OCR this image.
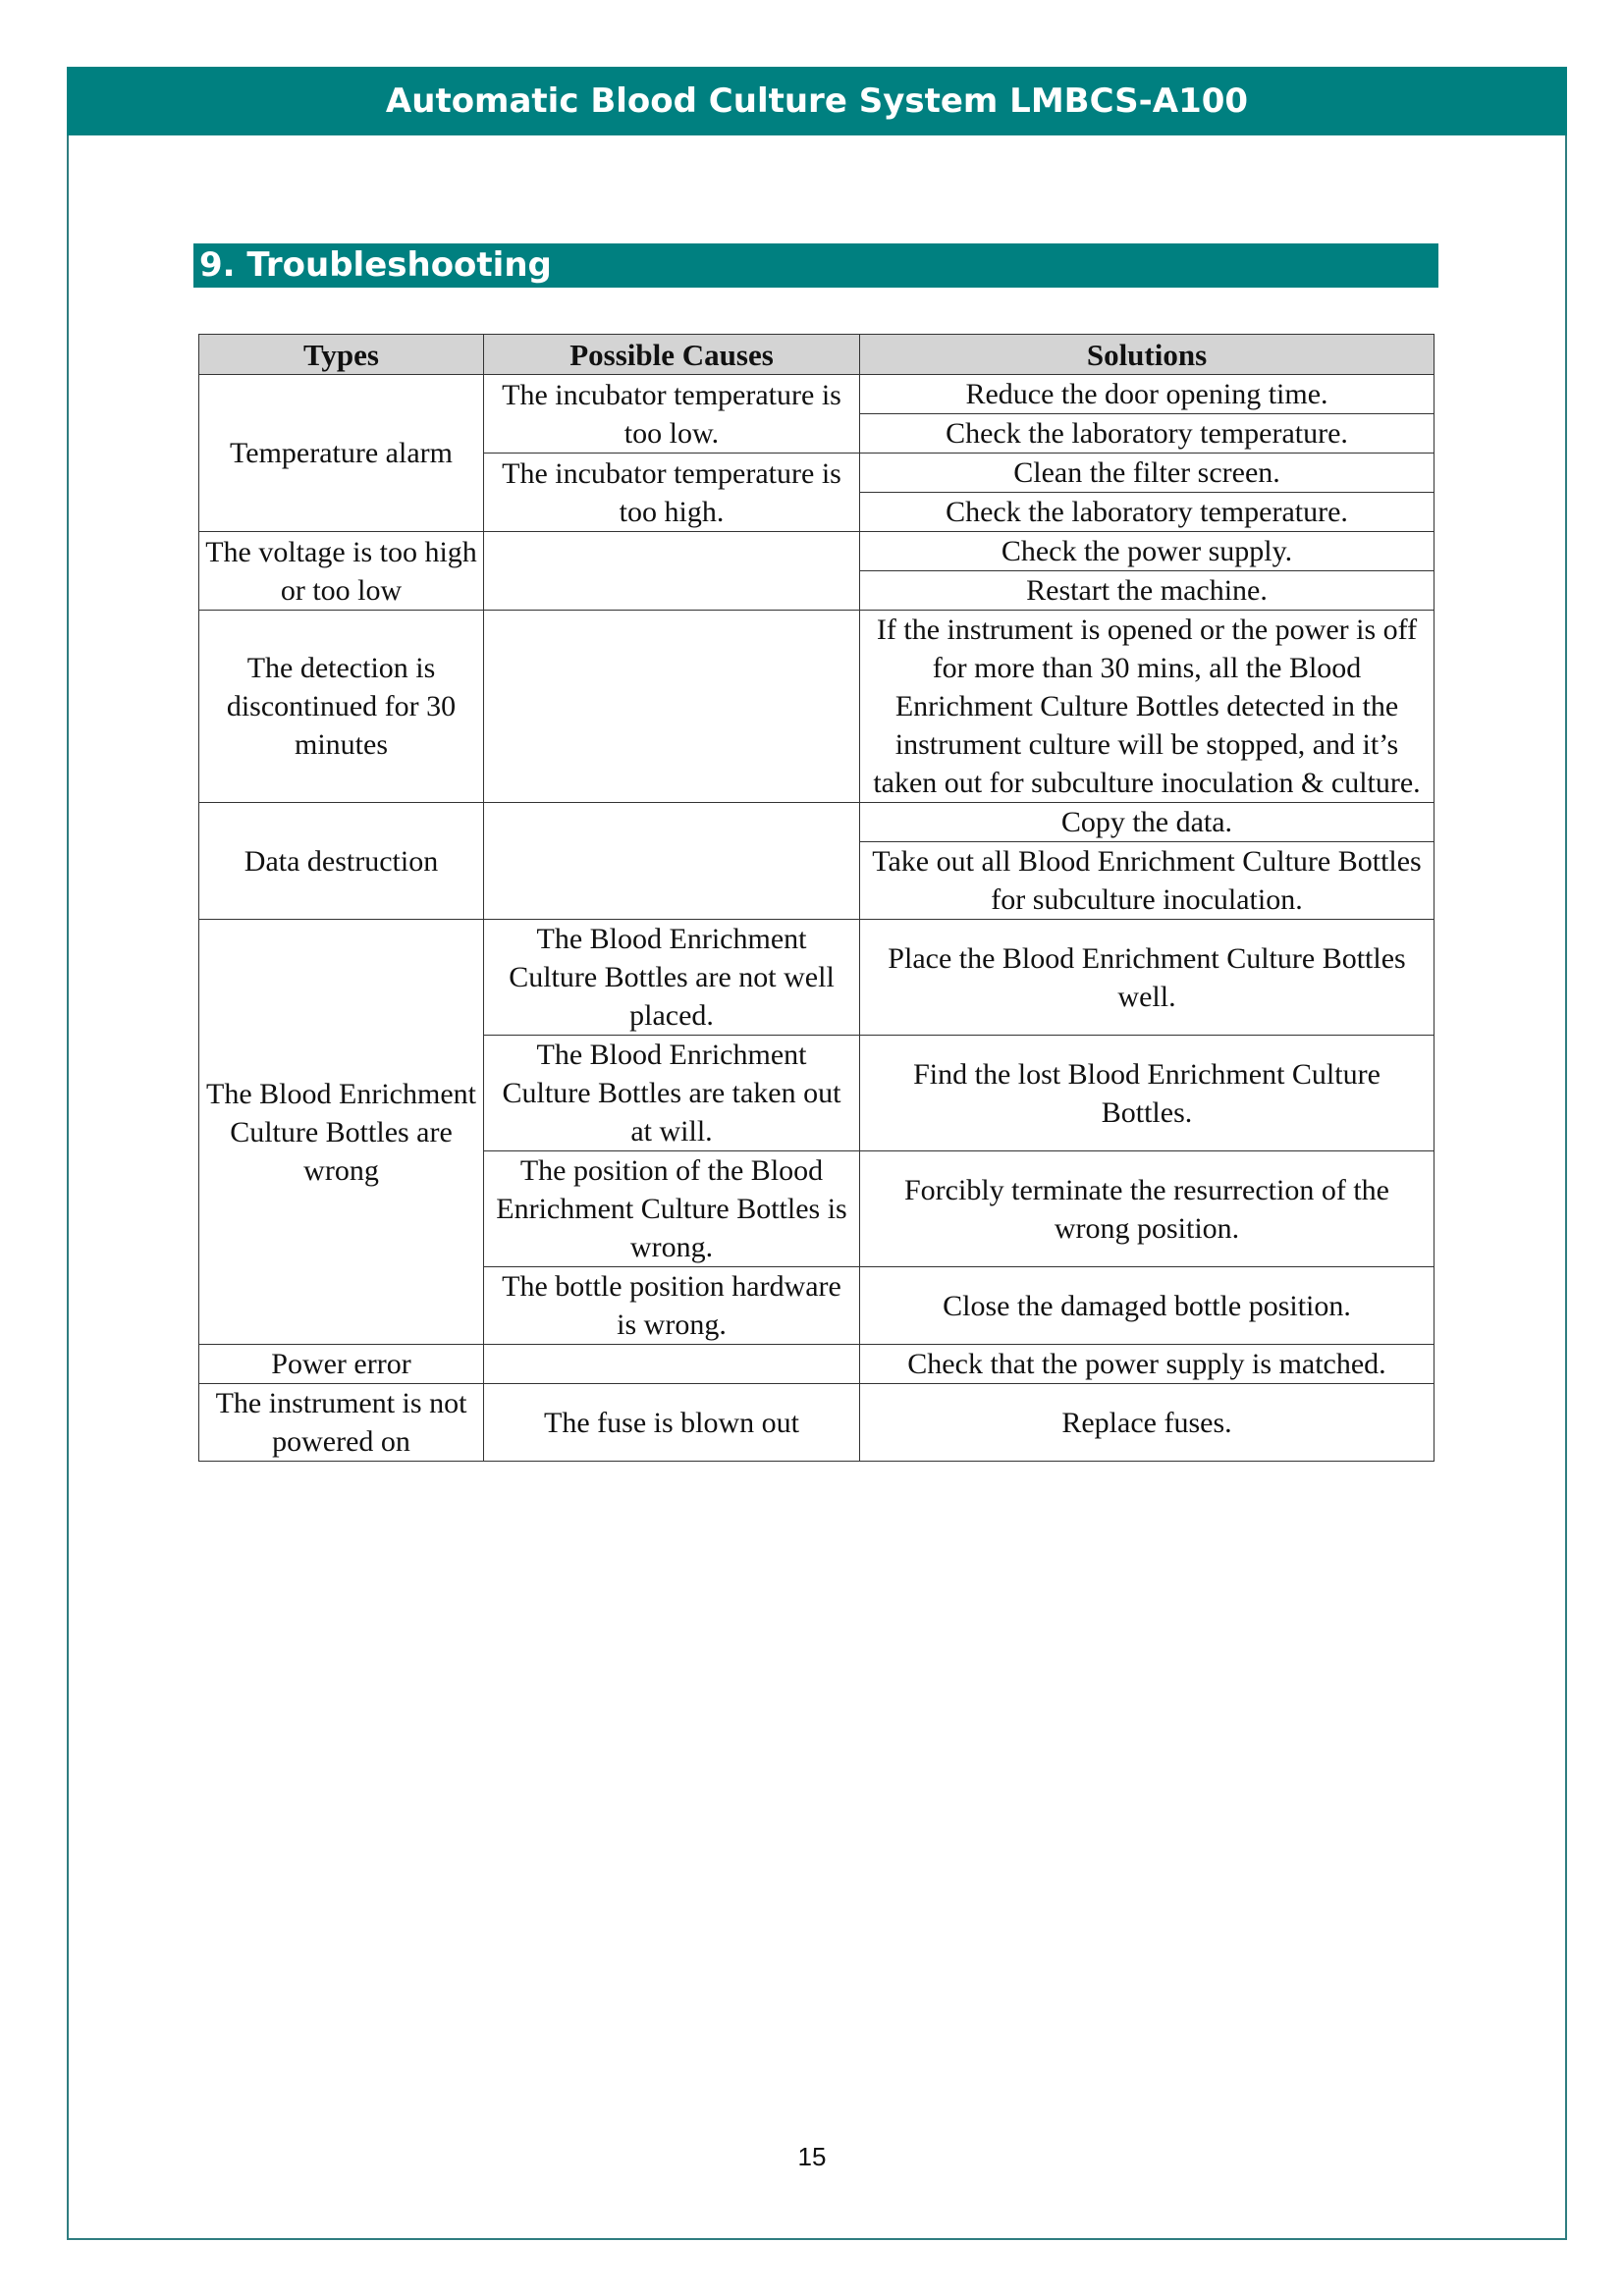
Automatic Blood Culture System LMBCS-A100
9. Troubleshooting
Types	Possible Causes	Solutions
Temperature alarm	The incubator temperature is too low.	Reduce the door opening time.
		Check the laboratory temperature.
	The incubator temperature is too high.	Clean the filter screen.
		Check the laboratory temperature.
The voltage is too high or too low		Check the power supply.
		Restart the machine.
The detection is discontinued for 30 minutes		If the instrument is opened or the power is off for more than 30 mins, all the Blood Enrichment Culture Bottles detected in the instrument culture will be stopped, and it’s taken out for subculture inoculation & culture.
Data destruction		Copy the data.
		Take out all Blood Enrichment Culture Bottles for subculture inoculation.
The Blood Enrichment Culture Bottles are wrong	The Blood Enrichment Culture Bottles are not well placed.	Place the Blood Enrichment Culture Bottles well.
	The Blood Enrichment Culture Bottles are taken out at will.	Find the lost Blood Enrichment Culture Bottles.
	The position of the Blood Enrichment Culture Bottles is wrong.	Forcibly terminate the resurrection of the wrong position.
	The bottle position hardware is wrong.	Close the damaged bottle position.
Power error		Check that the power supply is matched.
The instrument is not powered on	The fuse is blown out	Replace fuses.
15
